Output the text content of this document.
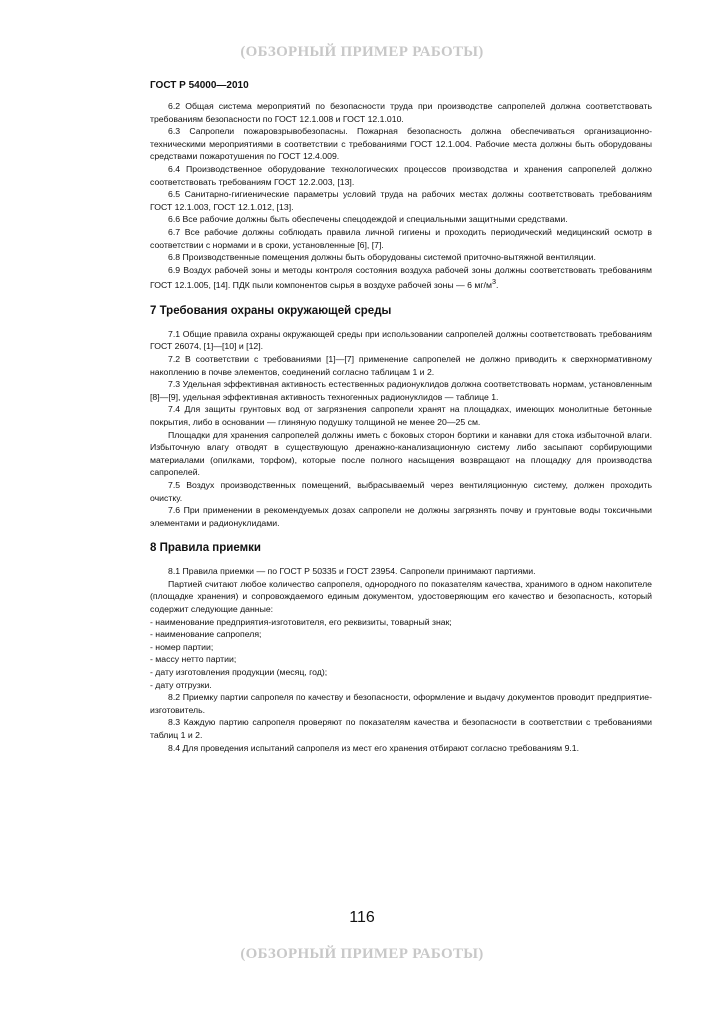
(ОБЗОРНЫЙ ПРИМЕР РАБОТЫ)
ГОСТ Р 54000—2010

6.2 Общая система мероприятий по безопасности труда при производстве сапропелей должна соответствовать требованиям безопасности по ГОСТ 12.1.008 и ГОСТ 12.1.010.

6.3 Сапропели пожаровзрывобезопасны. Пожарная безопасность должна обеспечиваться организационно-техническими мероприятиями в соответствии с требованиями ГОСТ 12.1.004. Рабочие места должны быть оборудованы средствами пожаротушения по ГОСТ 12.4.009.

6.4 Производственное оборудование технологических процессов производства и хранения сапропелей должно соответствовать требованиям ГОСТ 12.2.003, [13].

6.5 Санитарно-гигиенические параметры условий труда на рабочих местах должны соответствовать требованиям ГОСТ 12.1.003, ГОСТ 12.1.012, [13].

6.6 Все рабочие должны быть обеспечены спецодеждой и специальными защитными средствами.

6.7 Все рабочие должны соблюдать правила личной гигиены и проходить периодический медицинский осмотр в соответствии с нормами и в сроки, установленные [6], [7].

6.8 Производственные помещения должны быть оборудованы системой приточно-вытяжной вентиляции.

6.9 Воздух рабочей зоны и методы контроля состояния воздуха рабочей зоны должны соответствовать требованиям ГОСТ 12.1.005, [14]. ПДК пыли компонентов сырья в воздухе рабочей зоны — 6 $мг/м^3$.

7 Требования охраны окружающей среды

7.1 Общие правила охраны окружающей среды при использовании сапропелей должны соответствовать требованиям ГОСТ 26074, [1]—[10] и [12].

7.2 В соответствии с требованиями [1]—[7] применение сапропелей не должно приводить к сверхнормативному накоплению в почве элементов, соединений согласно таблицам 1 и 2.

7.3 Удельная эффективная активность естественных радионуклидов должна соответствовать нормам, установленным [8]—[9], удельная эффективная активность техногенных радионуклидов — таблице 1.

7.4 Для защиты грунтовых вод от загрязнения сапропели хранят на площадках, имеющих монолитные бетонные покрытия, либо в основании — глиняную подушку толщиной не менее 20—25 см.

Площадки для хранения сапропелей должны иметь с боковых сторон бортики и канавки для стока избыточной влаги. Избыточную влагу отводят в существующую дренажно-канализационную систему либо засыпают сорбирующими материалами (опилками, торфом), которые после полного насыщения возвращают на площадку для производства сапропелей.

7.5 Воздух производственных помещений, выбрасываемый через вентиляционную систему, должен проходить очистку.

7.6 При применении в рекомендуемых дозах сапропели не должны загрязнять почву и грунтовые воды токсичными элементами и радионуклидами.

8 Правила приемки

8.1 Правила приемки — по ГОСТ Р 50335 и ГОСТ 23954. Сапропели принимают партиями.

Партией считают любое количество сапропеля, однородного по показателям качества, хранимого в одном накопителе (площадке хранения) и сопровождаемого единым документом, удостоверяющим его качество и безопасность, который содержит следующие данные:

- наименование предприятия-изготовителя, его реквизиты, товарный знак;

- наименование сапропеля;

- номер партии;

- массу нетто партии;

- дату изготовления продукции (месяц, год);

- дату отгрузки.

8.2 Приемку партии сапропеля по качеству и безопасности, оформление и выдачу документов проводит предприятие-изготовитель.

8.3 Каждую партию сапропеля проверяют по показателям качества и безопасности в соответствии с требованиями таблиц 1 и 2.

8.4 Для проведения испытаний сапропеля из мест его хранения отбирают согласно требованиям 9.1.

116
(ОБЗОРНЫЙ ПРИМЕР РАБОТЫ)
